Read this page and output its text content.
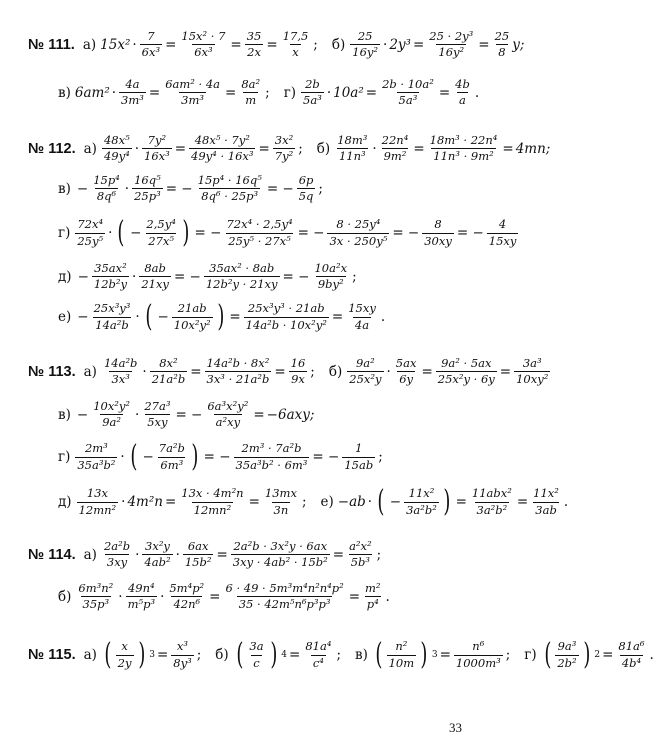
№ 111. а) $15x^2 \cdot \frac{7}{\text{6x³}} = \frac{\text{15x² · 7}}{\text{6x³}} = \frac{35}{2x} = \frac{17,5}{x}$ ; $б) \frac{25}{\text{16y²}} \cdot 2y^3 = \frac{\text{25 · 2y³}}{\text{16y²}} = \frac{25}{8} y$;
в) $6am^2 \cdot \frac{4a}{\text{3m³}} = \frac{\text{6am² · 4a}}{\text{3m³}} = \frac{\text{8a²}}{m}$ ; $г) \frac{2b}{\text{5a³}} \cdot 10a^2 = \frac{\text{2b · 10a²}}{\text{5a³}} = \frac{4b}{a}$ .
№ 112. $а) \frac{\text{48x⁵}}{\text{49y⁴}} \cdot \frac{\text{7y²}}{\text{16x³}} = \frac{\text{48x⁵ · 7y²}}{\text{49y⁴ · 16x³}} = \frac{\text{3x²}}{\text{7y²}}$ ; $б) \frac{\text{18m³}}{\text{11n³}} \cdot \frac{\text{22n⁴}}{\text{9m²}} = \frac{\text{18m³ · 22n⁴}}{\text{11n³ · 9m²}} = 4mn$;
$в) - \frac{\text{15p⁴}}{\text{8q⁶}} \cdot \frac{\text{16q⁵}}{\text{25p³}}$ = − $\frac{\text{15p⁴ · 16q⁵}}{\text{8q⁶ · 25p³}}$ = − $\frac{6p}{5q}$ ;
$г) \frac{\text{72x⁴}}{\text{25y⁵}}$ · ( − $\frac{\text{2,5y⁴}}{\text{27x⁵}}$ ) = − $\frac{\text{72x⁴ · 2,5y⁴}}{\text{25y⁵ · 27x⁵}}$ = − $\frac{\text{8 · 25y⁴}}{\text{3x · 250y⁵}}$ = − $\frac{8}{30xy}$ = − $\frac{4}{15xy}$
$д) - \frac{\text{35ax²}}{\text{12b²y}} \cdot \frac{8ab}{21xy}$ = − $\frac{\text{35ax² · 8ab}}{\text{12b²y · 21xy}}$ = − $\frac{\text{10a²x}}{\text{9by²}}$ ;
$е) - \frac{\text{25x³y³}}{\text{14a²b}}$ · ( − $\frac{21ab}{\text{10x²y²}}$ ) = $\frac{\text{25x³y³ · 21ab}}{\text{14a²b · 10x²y²}} = \frac{15xy}{4a}$ .
№ 113. $а) \frac{\text{14a²b}}{\text{3x³}} \cdot \frac{\text{8x²}}{\text{21a²b}} = \frac{\text{14a²b · 8x²}}{\text{3x³ · 21a²b}} = \frac{16}{9x}$ ; $б) \frac{\text{9a²}}{\text{25x²y}} \cdot \frac{5ax}{6y} = \frac{\text{9a² · 5ax}}{\text{25x²y · 6y}} = \frac{\text{3a³}}{\text{10xy²}}$
$в) - \frac{\text{10x²y²}}{\text{9a²}} \cdot \frac{\text{27a³}}{5xy}$ = − $\frac{\text{6a³x²y²}}{\text{a²xy}} = -6axy$;
$г) \frac{\text{2m³}}{\text{35a³b²}}$ · ( − $\frac{\text{7a²b}}{\text{6m³}}$ ) = − $\frac{\text{2m³ · 7a²b}}{\text{35a³b² · 6m³}}$ = − $\frac{1}{15ab}$ ;
$д) \frac{13x}{\text{12mn²}} \cdot 4m^2n = \frac{\text{13x · 4m²n}}{\text{12mn²}} = \frac{13mx}{3n}$ ; е) −ab · ( − $\frac{\text{11x²}}{\text{3a²b²}}$ ) = $\frac{\text{11abx²}}{\text{3a²b²}} = \frac{\text{11x²}}{3ab}$ .
№ 114. $а) \frac{\text{2a²b}}{3xy} \cdot \frac{\text{3x²y}}{\text{4ab²}} \cdot \frac{6ax}{\text{15b²}} = \frac{\text{2a²b · 3x²y · 6ax}}{\text{3xy · 4ab² · 15b²}} = \frac{\text{a²x²}}{\text{5b³}}$ ;
$б) \frac{\text{6m³n²}}{\text{35p³}} \cdot \frac{\text{49n⁴}}{\text{m⁵p³}} \cdot \frac{\text{5m⁴p²}}{\text{42n⁶}} = \frac{\text{6 · 49 · 5m³m⁴n²n⁴p²}}{\text{35 · 42m⁵n⁶p³p³}} = \frac{\text{m²}}{\text{p⁴}}$ .
№ 115. а) ( $\frac{x}{2y}$ ) $3 = \frac{\text{x³}}{\text{8y³}}$ ; б) ( $\frac{3a}{c}$ ) $4 = \frac{\text{81a⁴}}{\text{c⁴}}$ ; в) ( $\frac{\text{n²}}{10m}$ ) $3 = \frac{\text{n⁶}}{\text{1000m³}}$ ; г) ( $\frac{\text{9a³}}{\text{2b²}}$ ) $2 = \frac{\text{81a⁶}}{\text{4b⁴}}$ .
33
